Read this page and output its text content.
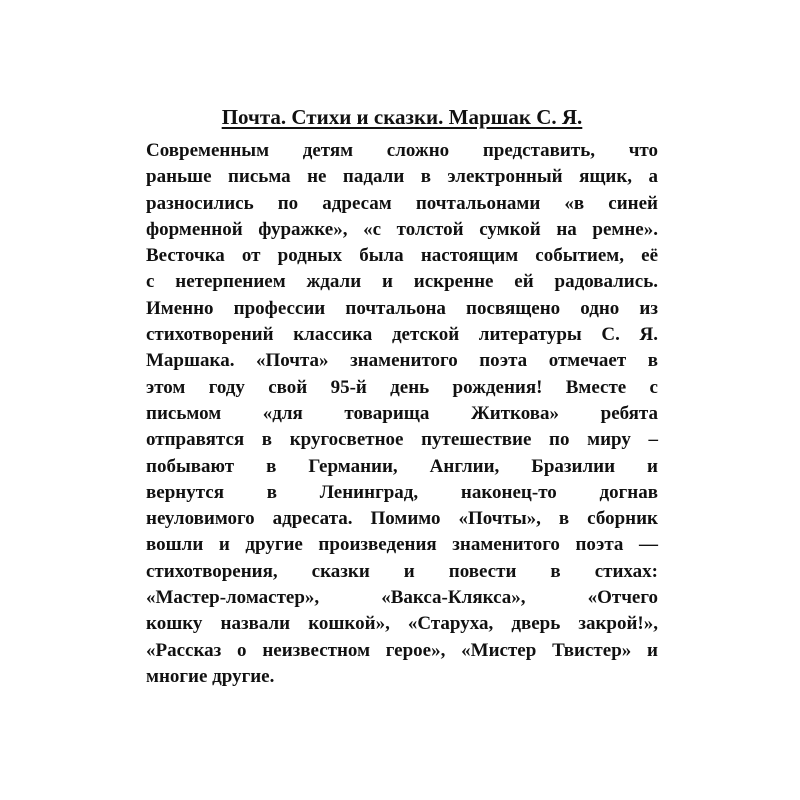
Почта. Стихи и сказки. Маршак С. Я.
Современным детям сложно представить, что
раньше письма не падали в электронный ящик, а
разносились по адресам почтальонами «в синей
форменной фуражке», «с толстой сумкой на ремне».
Весточка от родных была настоящим событием, её
с нетерпением ждали и искренне ей радовались.
Именно профессии почтальона посвящено одно из
стихотворений классика детской литературы С. Я.
Маршака. «Почта» знаменитого поэта отмечает в
этом году свой 95-й день рождения! Вместе с
письмом «для товарища Житкова» ребята
отправятся в кругосветное путешествие по миру –
побывают в Германии, Англии, Бразилии и
вернутся в Ленинград, наконец-то догнав
неуловимого адресата. Помимо «Почты», в сборник
вошли и другие произведения знаменитого поэта —
стихотворения, сказки и повести в стихах:
«Мастер-ломастер», «Вакса-Клякса», «Отчего
кошку назвали кошкой», «Старуха, дверь закрой!»,
«Рассказ о неизвестном герое», «Мистер Твистер» и
многие другие.
